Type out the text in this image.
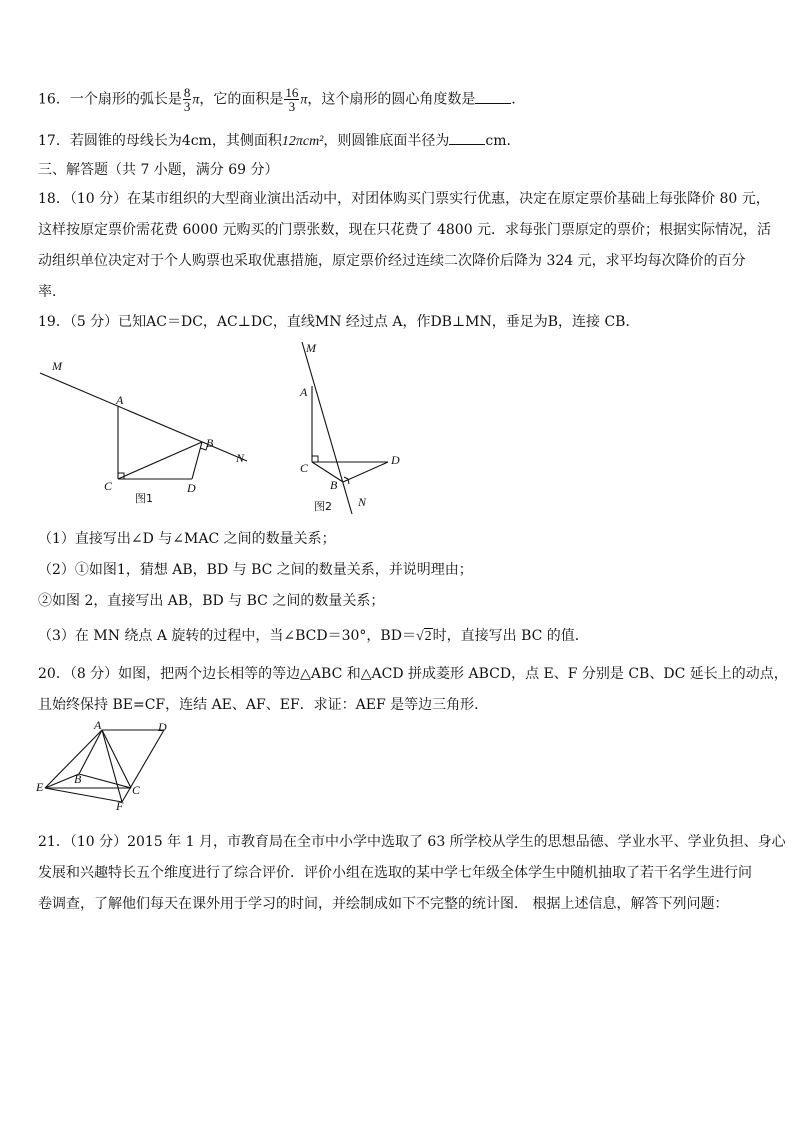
16．一个扇形的弧长是 $\frac{8}{3}$ π，它的面积是 $\frac{16}{3}$ π，这个扇形的圆心角度数是	．
17．若圆锥的母线长为4cm，其侧面积12πcm²，则圆锥底面半径为	cm．
三、解答题（共 7 小题，满分 69 分）
18．（10 分）在某市组织的大型商业演出活动中，对团体购买门票实行优惠，决定在原定票价基础上每张降价 80 元，
这样按原定票价需花费 6000 元购买的门票张数，现在只花费了 4800 元．求每张门票原定的票价；根据实际情况，活
动组织单位决定对于个人购票也采取优惠措施，原定票价经过连续二次降价后降为 324 元，求平均每次降价的百分
率．
19．（5 分）已知AC＝DC，AC⊥DC，直线MN 经过点 A，作DB⊥MN，垂足为B，连接 CB．
M
A
B
N
C	D
图1
M
A
C
D
B
N
图2
（1）直接写出∠D 与∠MAC 之间的数量关系；
（2）①如图1，猜想 AB，BD 与 BC 之间的数量关系，并说明理由；
②如图 2，直接写出 AB，BD 与 BC 之间的数量关系；
（3）在 MN 绕点 A 旋转的过程中，当∠BCD＝30°，BD＝√2时，直接写出 BC 的值．
20．（8 分）如图，把两个边长相等的等边△ABC 和△ACD 拼成菱形 ABCD，点 E、F 分别是 CB、DC 延长上的动点，
且始终保持 BE=CF，连结 AE、AF、EF．求证：AEF 是等边三角形．
A	D
B
E	C
F
21．（10 分）2015 年 1 月，市教育局在全市中小学中选取了 63 所学校从学生的思想品德、学业水平、学业负担、身心
发展和兴趣特长五个维度进行了综合评价．评价小组在选取的某中学七年级全体学生中随机抽取了若干名学生进行问
卷调查，了解他们每天在课外用于学习的时间，并绘制成如下不完整的统计图． 根据上述信息，解答下列问题：
